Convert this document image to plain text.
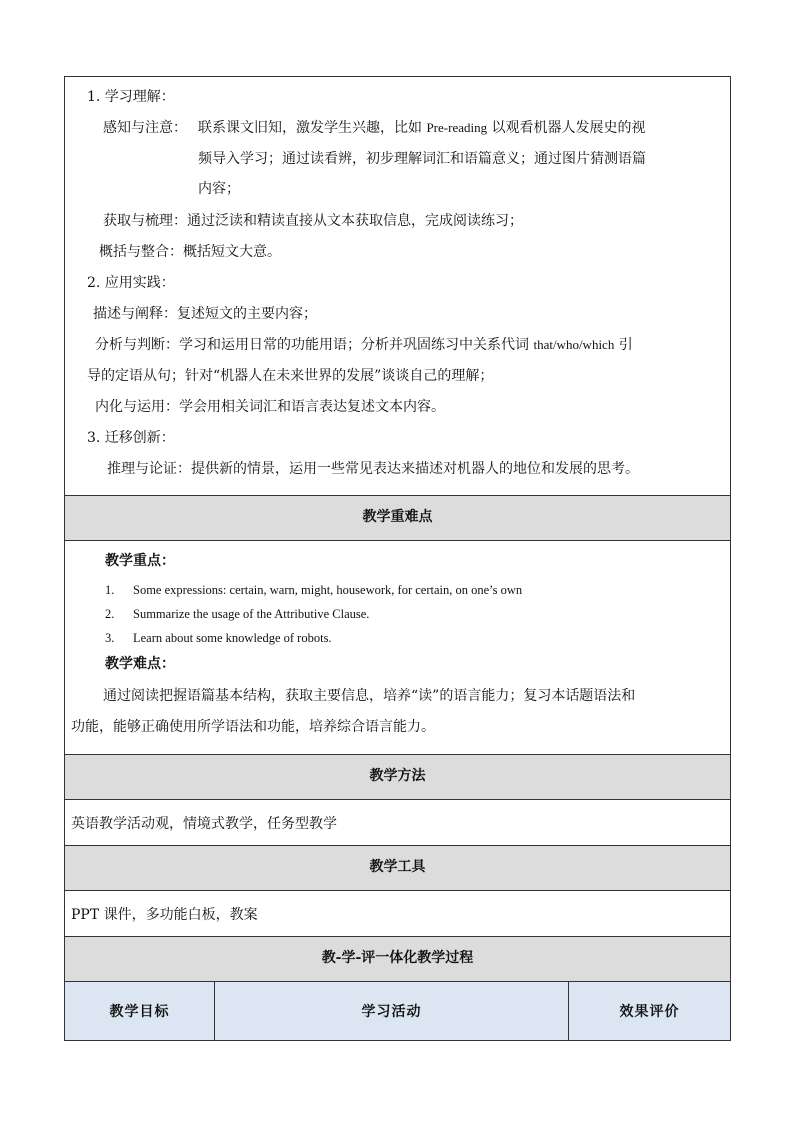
1. 学习理解：
感知与注意： 联系课文旧知，激发学生兴趣，比如 Pre-reading 以观看机器人发展史的视
频导入学习；通过读看辨，初步理解词汇和语篇意义；通过图片猜测语篇
内容；
获取与梳理：通过泛读和精读直接从文本获取信息，完成阅读练习；
概括与整合：概括短文大意。
2. 应用实践：
描述与阐释：复述短文的主要内容；
分析与判断：学习和运用日常的功能用语；分析并巩固练习中关系代词 that/who/which 引
导的定语从句；针对“机器人在未来世界的发展”谈谈自己的理解；
内化与运用：学会用相关词汇和语言表达复述文本内容。
3. 迁移创新：
推理与论证：提供新的情景，运用一些常见表达来描述对机器人的地位和发展的思考。

教学重难点

教学重点：
1. Some expressions: certain, warn, might, housework, for certain, on one’s own
2. Summarize the usage of the Attributive Clause.
3. Learn about some knowledge of robots.
教学难点：
通过阅读把握语篇基本结构，获取主要信息，培养“读”的语言能力；复习本话题语法和
功能，能够正确使用所学语法和功能，培养综合语言能力。

教学方法

英语教学活动观，情境式教学，任务型教学

教学工具

PPT 课件，多功能白板，教案

教-学-评一体化教学过程
教学目标	学习活动	效果评价
